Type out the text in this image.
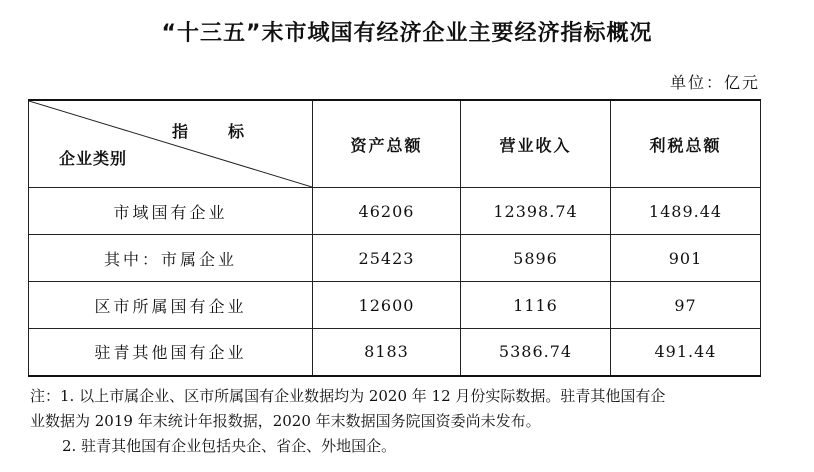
“十三五”末市域国有经济企业主要经济指标概况
单位：亿元
指标
企业类别	资产总额	营业收入	利税总额
市域国有企业	46206	12398.74	1489.44
其中：市属企业	25423	5896	901
区市所属国有企业	12600	1116	97
驻青其他国有企业	8183	5386.74	491.44
注：1. 以上市属企业、区市所属国有企业数据均为 2020 年 12 月份实际数据。驻青其他国有企
业数据为 2019 年末统计年报数据，2020 年末数据国务院国资委尚未发布。
2. 驻青其他国有企业包括央企、省企、外地国企。
